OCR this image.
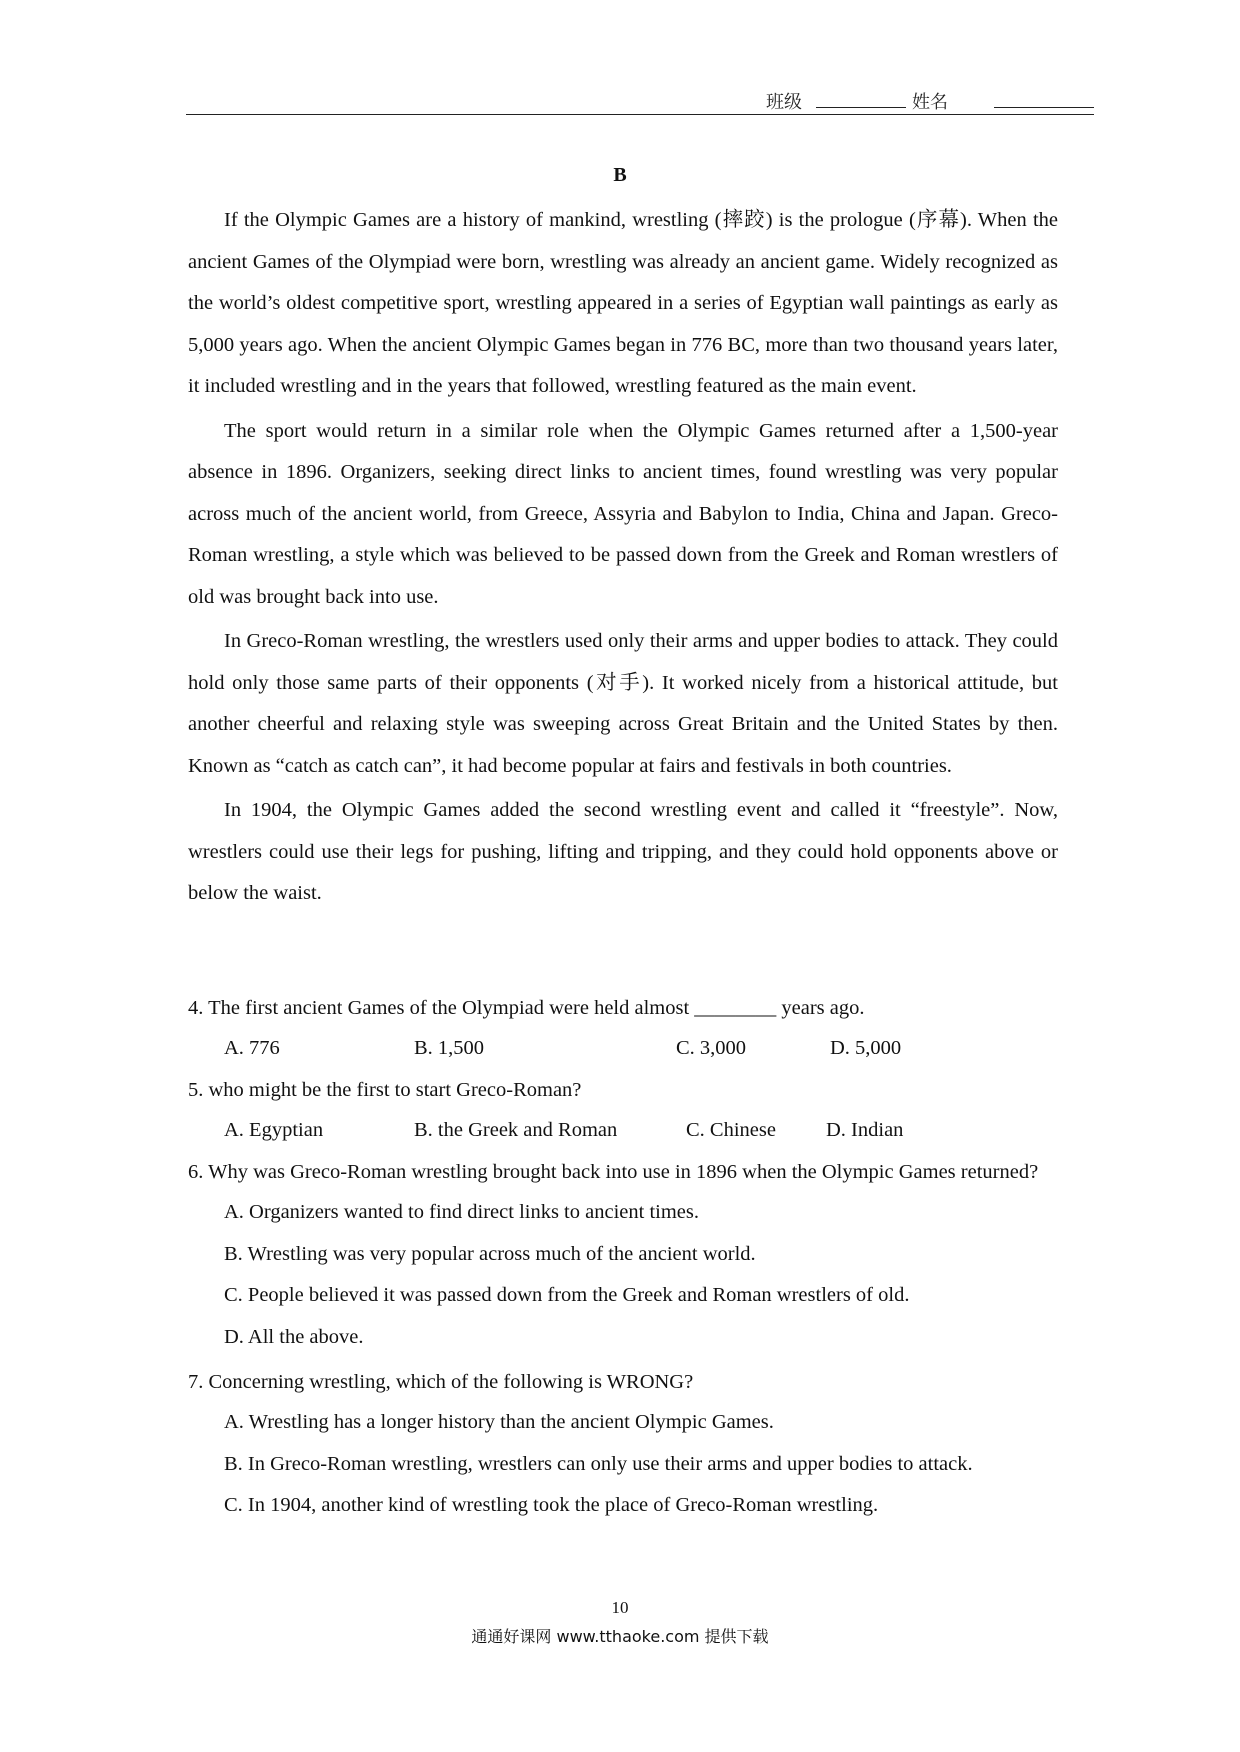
班级	姓名
B

If the Olympic Games are a history of mankind, wrestling (摔跤) is the prologue (序幕). When the ancient Games of the Olympiad were born, wrestling was already an ancient game. Widely recognized as the world’s oldest competitive sport, wrestling appeared in a series of Egyptian wall paintings as early as 5,000 years ago. When the ancient Olympic Games began in 776 BC, more than two thousand years later, it included wrestling and in the years that followed, wrestling featured as the main event.

The sport would return in a similar role when the Olympic Games returned after a 1,500-year absence in 1896. Organizers, seeking direct links to ancient times, found wrestling was very popular across much of the ancient world, from Greece, Assyria and Babylon to India, China and Japan. Greco-Roman wrestling, a style which was believed to be passed down from the Greek and Roman wrestlers of old was brought back into use.

In Greco-Roman wrestling, the wrestlers used only their arms and upper bodies to attack. They could hold only those same parts of their opponents (对手). It worked nicely from a historical attitude, but another cheerful and relaxing style was sweeping across Great Britain and the United States by then. Known as “catch as catch can”, it had become popular at fairs and festivals in both countries.

In 1904, the Olympic Games added the second wrestling event and called it “freestyle”. Now, wrestlers could use their legs for pushing, lifting and tripping, and they could hold opponents above or below the waist.

4. The first ancient Games of the Olympiad were held almost ________ years ago.
A. 776	B. 1,500	C. 3,000	D. 5,000
5. who might be the first to start Greco-Roman?
A. Egyptian	B. the Greek and Roman	C. Chinese	D. Indian
6. Why was Greco-Roman wrestling brought back into use in 1896 when the Olympic Games returned?
A. Organizers wanted to find direct links to ancient times.
B. Wrestling was very popular across much of the ancient world.
C. People believed it was passed down from the Greek and Roman wrestlers of old.
D. All the above.
7. Concerning wrestling, which of the following is WRONG?
A. Wrestling has a longer history than the ancient Olympic Games.
B. In Greco-Roman wrestling, wrestlers can only use their arms and upper bodies to attack.
C. In 1904, another kind of wrestling took the place of Greco-Roman wrestling.
10
通通好课网 www.tthaoke.com 提供下载
